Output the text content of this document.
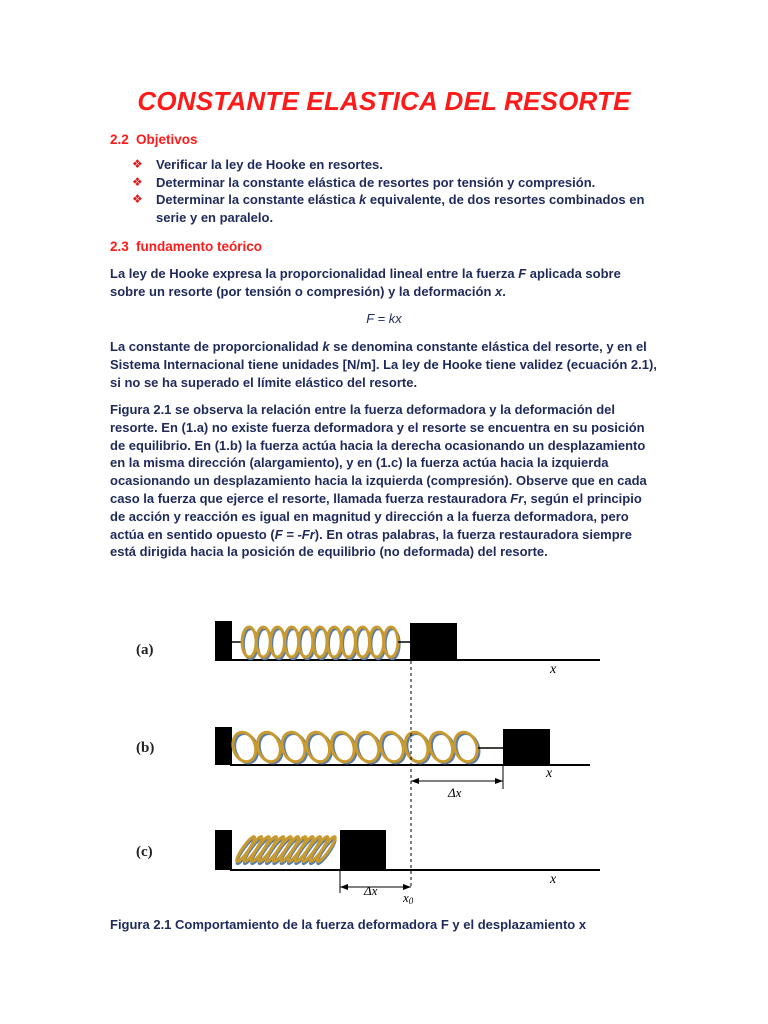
CONSTANTE ELASTICA DEL RESORTE
2.2 Objetivos
❖ Verificar la ley de Hooke en resortes.
❖ Determinar la constante elástica de resortes por tensión y compresión.
❖ Determinar la constante elástica k equivalente, de dos resortes combinados en serie y en paralelo.
2.3 fundamento teórico

La ley de Hooke expresa la proporcionalidad lineal entre la fuerza F aplicada sobre sobre un resorte (por tensión o compresión) y la deformación x.

F = kx

La constante de proporcionalidad k se denomina constante elástica del resorte, y en el Sistema Internacional tiene unidades [N/m]. La ley de Hooke tiene validez (ecuación 2.1), si no se ha superado el límite elástico del resorte.

Figura 2.1 se observa la relación entre la fuerza deformadora y la deformación del resorte. En (1.a) no existe fuerza deformadora y el resorte se encuentra en su posición de equilibrio. En (1.b) la fuerza actúa hacia la derecha ocasionando un desplazamiento en la misma dirección (alargamiento), y en (1.c) la fuerza actúa hacia la izquierda ocasionando un desplazamiento hacia la izquierda (compresión). Observe que en cada caso la fuerza que ejerce el resorte, llamada fuerza restauradora Fr, según el principio de acción y reacción es igual en magnitud y dirección a la fuerza deformadora, pero actúa en sentido opuesto (F = -Fr). En otras palabras, la fuerza restauradora siempre está dirigida hacia la posición de equilibrio (no deformada) del resorte.

(a)
(b)
(c)
x
x
Δx
x
Δx x0
Figura 2.1 Comportamiento de la fuerza deformadora F y el desplazamiento x
